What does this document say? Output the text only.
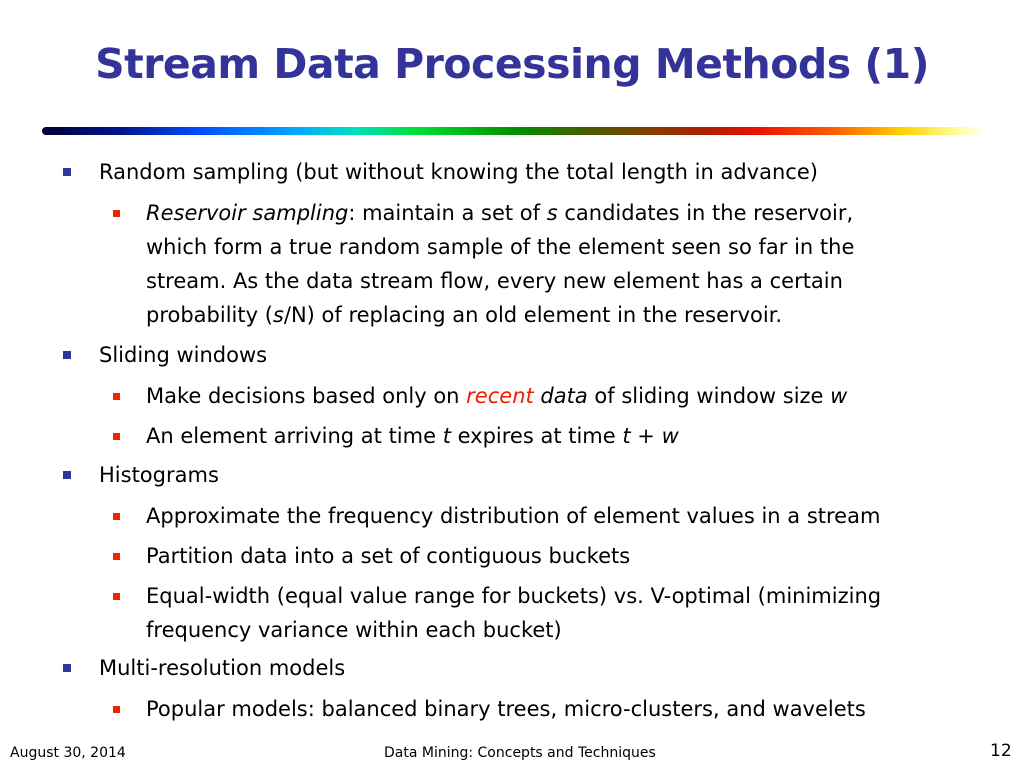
Stream Data Processing Methods (1)
Random sampling (but without knowing the total length in advance)
Reservoir sampling: maintain a set of s candidates in the reservoir,
which form a true random sample of the element seen so far in the
stream. As the data stream flow, every new element has a certain
probability (s/N) of replacing an old element in the reservoir.
Sliding windows
Make decisions based only on recent data of sliding window size w
An element arriving at time t expires at time t + w
Histograms
Approximate the frequency distribution of element values in a stream
Partition data into a set of contiguous buckets
Equal-width (equal value range for buckets) vs. V-optimal (minimizing
frequency variance within each bucket)
Multi-resolution models
Popular models: balanced binary trees, micro-clusters, and wavelets
August 30, 2014	Data Mining: Concepts and Techniques	12
